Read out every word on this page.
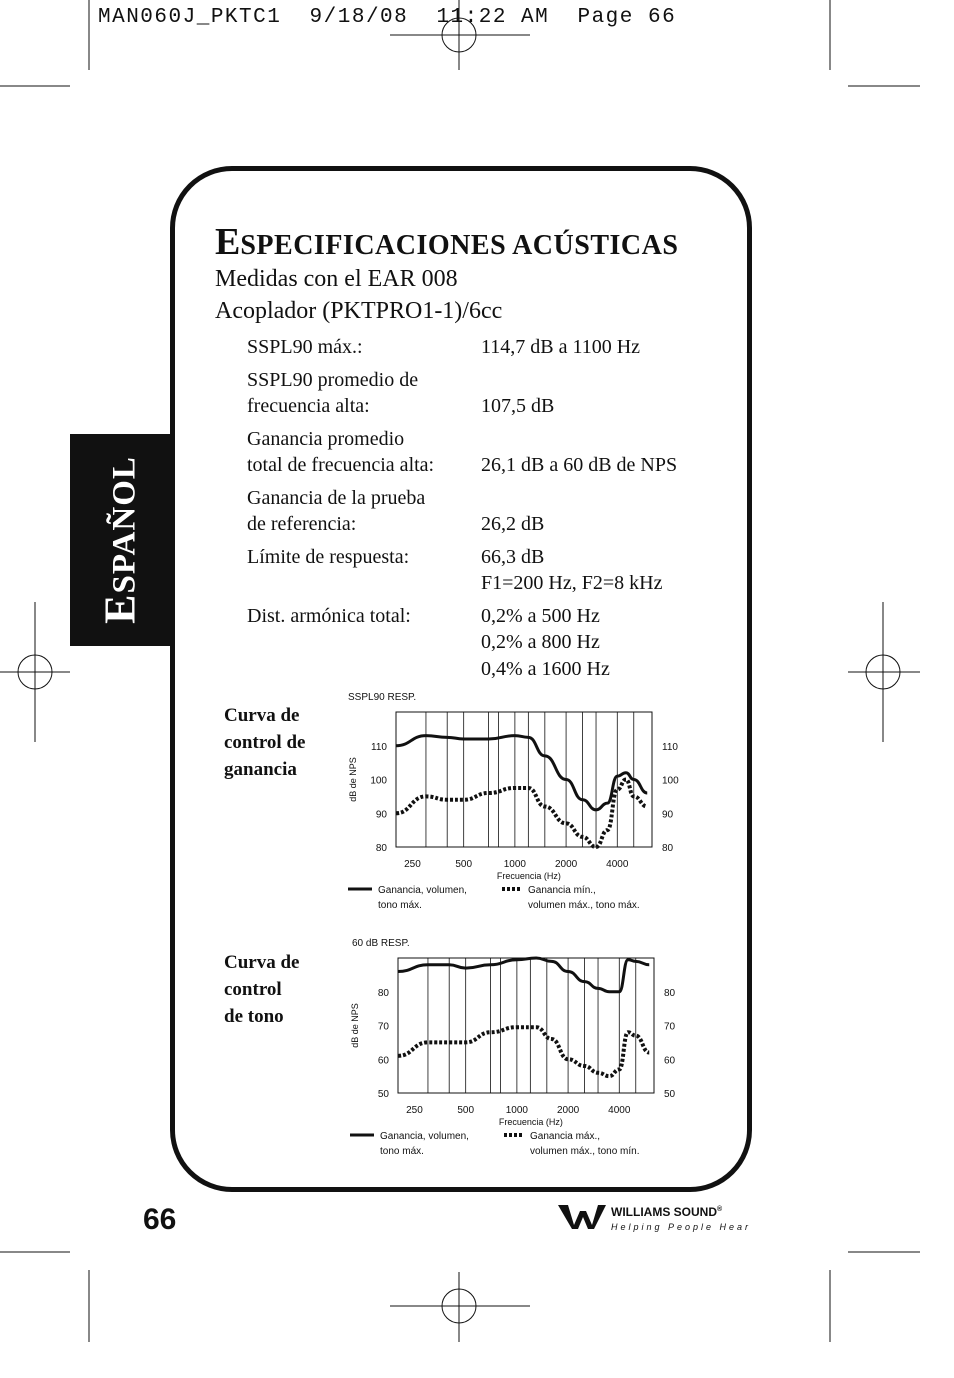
MAN060J_PKTC1  9/18/08  11:22 AM  Page 66
ESPAÑOL
ESPECIFICACIONES ACÚSTICAS
Medidas con el EAR 008
Acoplador (PKTPRO1-1)/6cc
SSPL90 máx.:	114,7 dB a 1100 Hz
SSPL90 promedio de
frecuencia alta:	107,5 dB
Ganancia promedio
total de frecuencia alta: 26,1 dB a 60 dB de NPS
Ganancia de la prueba
de referencia:	26,2 dB
Límite de respuesta:	66,3 dB
F1=200 Hz, F2=8 kHz
Dist. armónica total:	0,2% a 500 Hz
0,2% a 800 Hz
0,4% a 1600 Hz
Curva de
control de
ganancia
Curva de
control
de tono
110	110
100	100
90	90
80	80
250	500	1000	2000	4000
SSPL90 RESP.
Frecuencia (Hz)
dB de NPS
Ganancia, volumen,
tono máx.
Ganancia mín.,
volumen máx., tono máx.
80	80
70	70
60	60
50	50
250	500	1000	2000	4000
60 dB RESP.
Frecuencia (Hz)
dB de NPS
Ganancia, volumen,
tono máx.
Ganancia máx.,
volumen máx., tono mín.
66	WILLIAMS SOUND®
Helping People Hear
